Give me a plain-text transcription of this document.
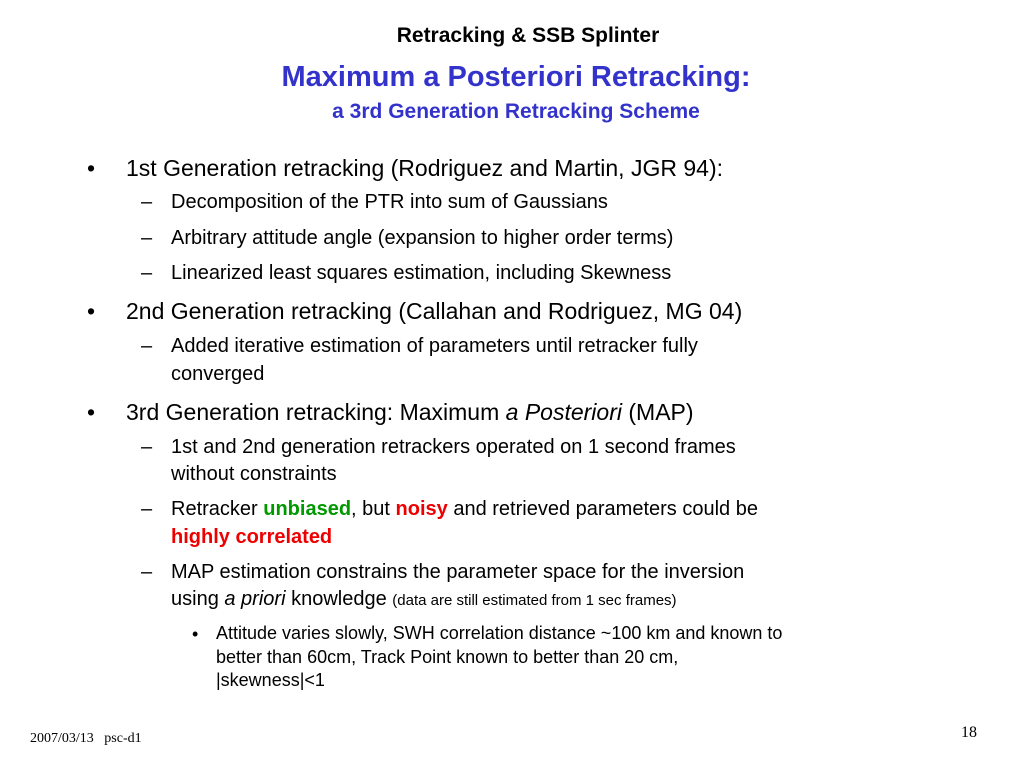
Retracking & SSB Splinter
Maximum a Posteriori Retracking:
a 3rd Generation Retracking Scheme
• 1st Generation retracking (Rodriguez and Martin, JGR 94):
– Decomposition of the PTR into sum of Gaussians
– Arbitrary attitude angle (expansion to higher order terms)
– Linearized least squares estimation, including Skewness
• 2nd Generation retracking (Callahan and Rodriguez, MG 04)
– Added iterative estimation of parameters until retracker fully
converged
• 3rd Generation retracking: Maximum a Posteriori (MAP)
– 1st and 2nd generation retrackers operated on 1 second frames
without constraints
– Retracker unbiased, but noisy and retrieved parameters could be
highly correlated
– MAP estimation constrains the parameter space for the inversion
using a priori knowledge (data are still estimated from 1 sec frames)
• Attitude varies slowly, SWH correlation distance ~100 km and known to
better than 60cm, Track Point known to better than 20 cm,
|skewness|<1
2007/03/13   psc-d1	18
